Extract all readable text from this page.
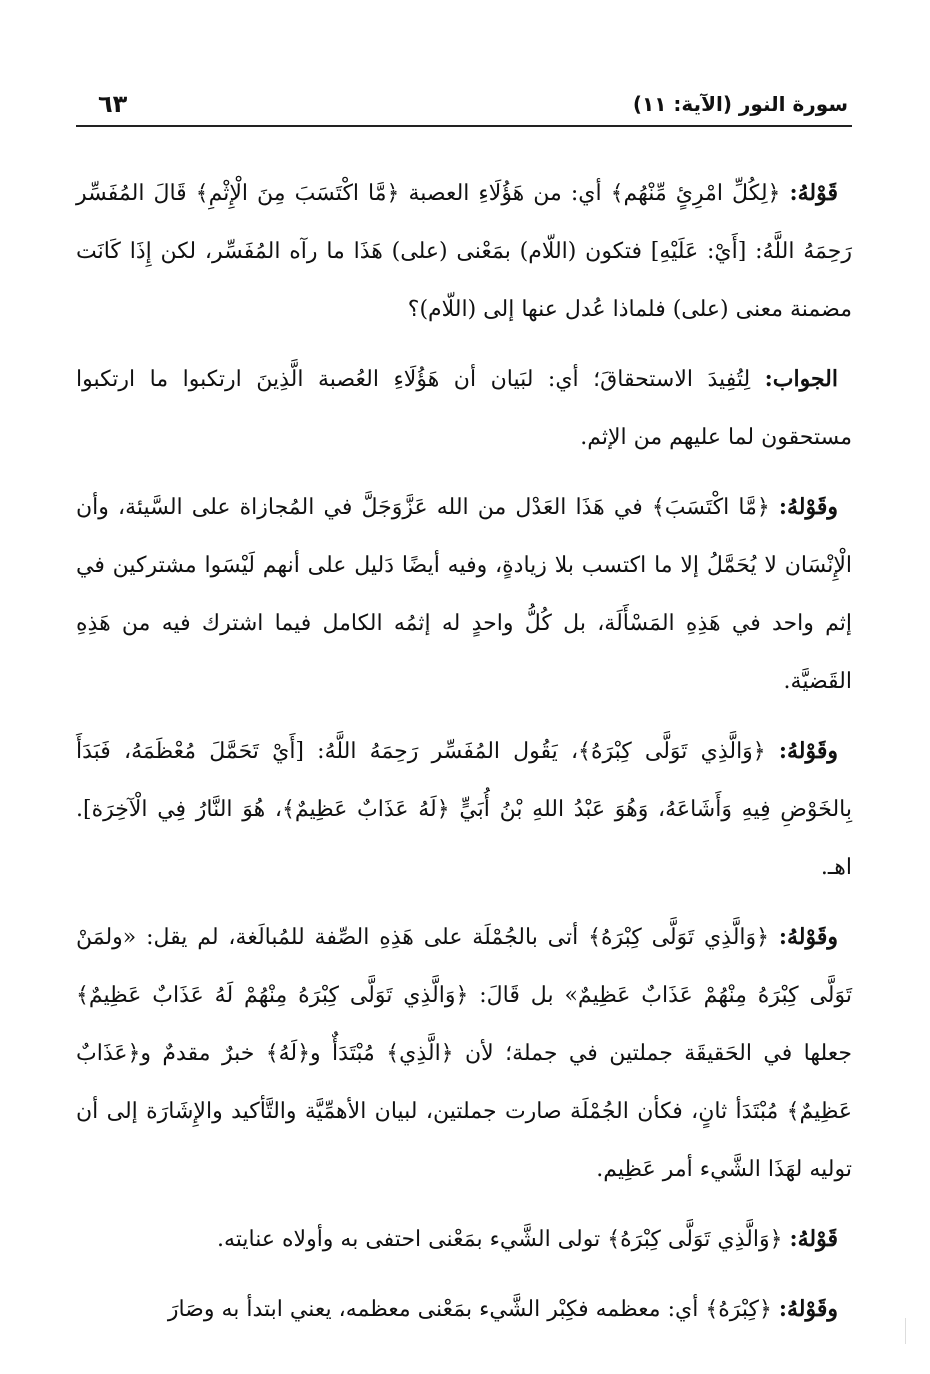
سورة النور (الآية: ١١)
٦٣

قَوْلهُ: ﴿لِكُلِّ امْرِئٍ مِّنْهُم﴾ أي: من هَؤُلَاءِ العصبة ﴿مَّا اكْتَسَبَ مِنَ الْإِثْمِ﴾ قَالَ المُفَسِّر رَحِمَهُ اللَّهُ: [أَيْ: عَلَيْهِ] فتكون (اللّام) بمَعْنى (على) هَذَا ما رآه المُفَسِّر، لكن إِذَا كَانَت مضمنة معنى (على) فلماذا عُدل عنها إلى (اللّام)؟

الجواب: لِتُفِيدَ الاستحقاقَ؛ أي: لبَيان أن هَؤُلَاءِ العُصبة الَّذِينَ ارتكبوا ما ارتكبوا مستحقون لما عليهم من الإثم.

وقَوْلهُ: ﴿مَّا اكْتَسَبَ﴾ في هَذَا العَدْل من الله عَزَّوَجَلَّ في المُجازاة على السَّيئة، وأن الْإِنْسَان لا يُحَمَّلُ إلا ما اكتسب بلا زيادةٍ، وفيه أيضًا دَليل على أنهم لَيْسَوا مشتركين في إثم واحد في هَذِهِ المَسْأَلَة، بل كُلُّ واحدٍ له إثمُه الكامل فيما اشترك فيه من هَذِهِ القَضيَّة.

وقَوْلهُ: ﴿وَالَّذِي تَوَلَّى كِبْرَهُ﴾، يَقُول المُفَسِّر رَحِمَهُ اللَّهُ: [أَيْ تَحَمَّلَ مُعْظَمَهُ، فَبَدَأَ بِالخَوْضِ فِيهِ وَأَشَاعَهُ، وَهُوَ عَبْدُ اللهِ بْنُ أُبَيٍّ ﴿لَهُ عَذَابٌ عَظِيمٌ﴾، هُوَ النَّارُ فِي الْآخِرَة]. اهـ.

وقَوْلهُ: ﴿وَالَّذِي تَوَلَّى كِبْرَهُ﴾ أتى بالجُمْلَة على هَذِهِ الصِّفة للمُبالَغة، لم يقل: «ولمَنْ تَوَلَّى كِبْرَهُ مِنْهُمْ عَذَابٌ عَظِيمٌ» بل قَالَ: ﴿وَالَّذِي تَوَلَّى كِبْرَهُ مِنْهُمْ لَهُ عَذَابٌ عَظِيمٌ﴾ جعلها في الحَقيقَة جملتين في جملة؛ لأن ﴿الَّذِي﴾ مُبْتَدَأٌ و﴿لَهُ﴾ خبرٌ مقدمٌ و﴿عَذَابٌ عَظِيمٌ﴾ مُبْتَدَأ ثانٍ، فكأن الجُمْلَة صارت جملتين، لبيان الأهمِّيَّة والتَّأكيد والإِشَارَة إلى أن توليه لهَذَا الشَّيء أمر عَظِيم.

قَوْلهُ: ﴿وَالَّذِي تَوَلَّى كِبْرَهُ﴾ تولى الشَّيء بمَعْنى احتفى به وأولاه عنايته.

وقَوْلهُ: ﴿كِبْرَهُ﴾ أي: معظمه فكِبْر الشَّيء بمَعْنى معظمه، يعني ابتدأ به وصَارَ
